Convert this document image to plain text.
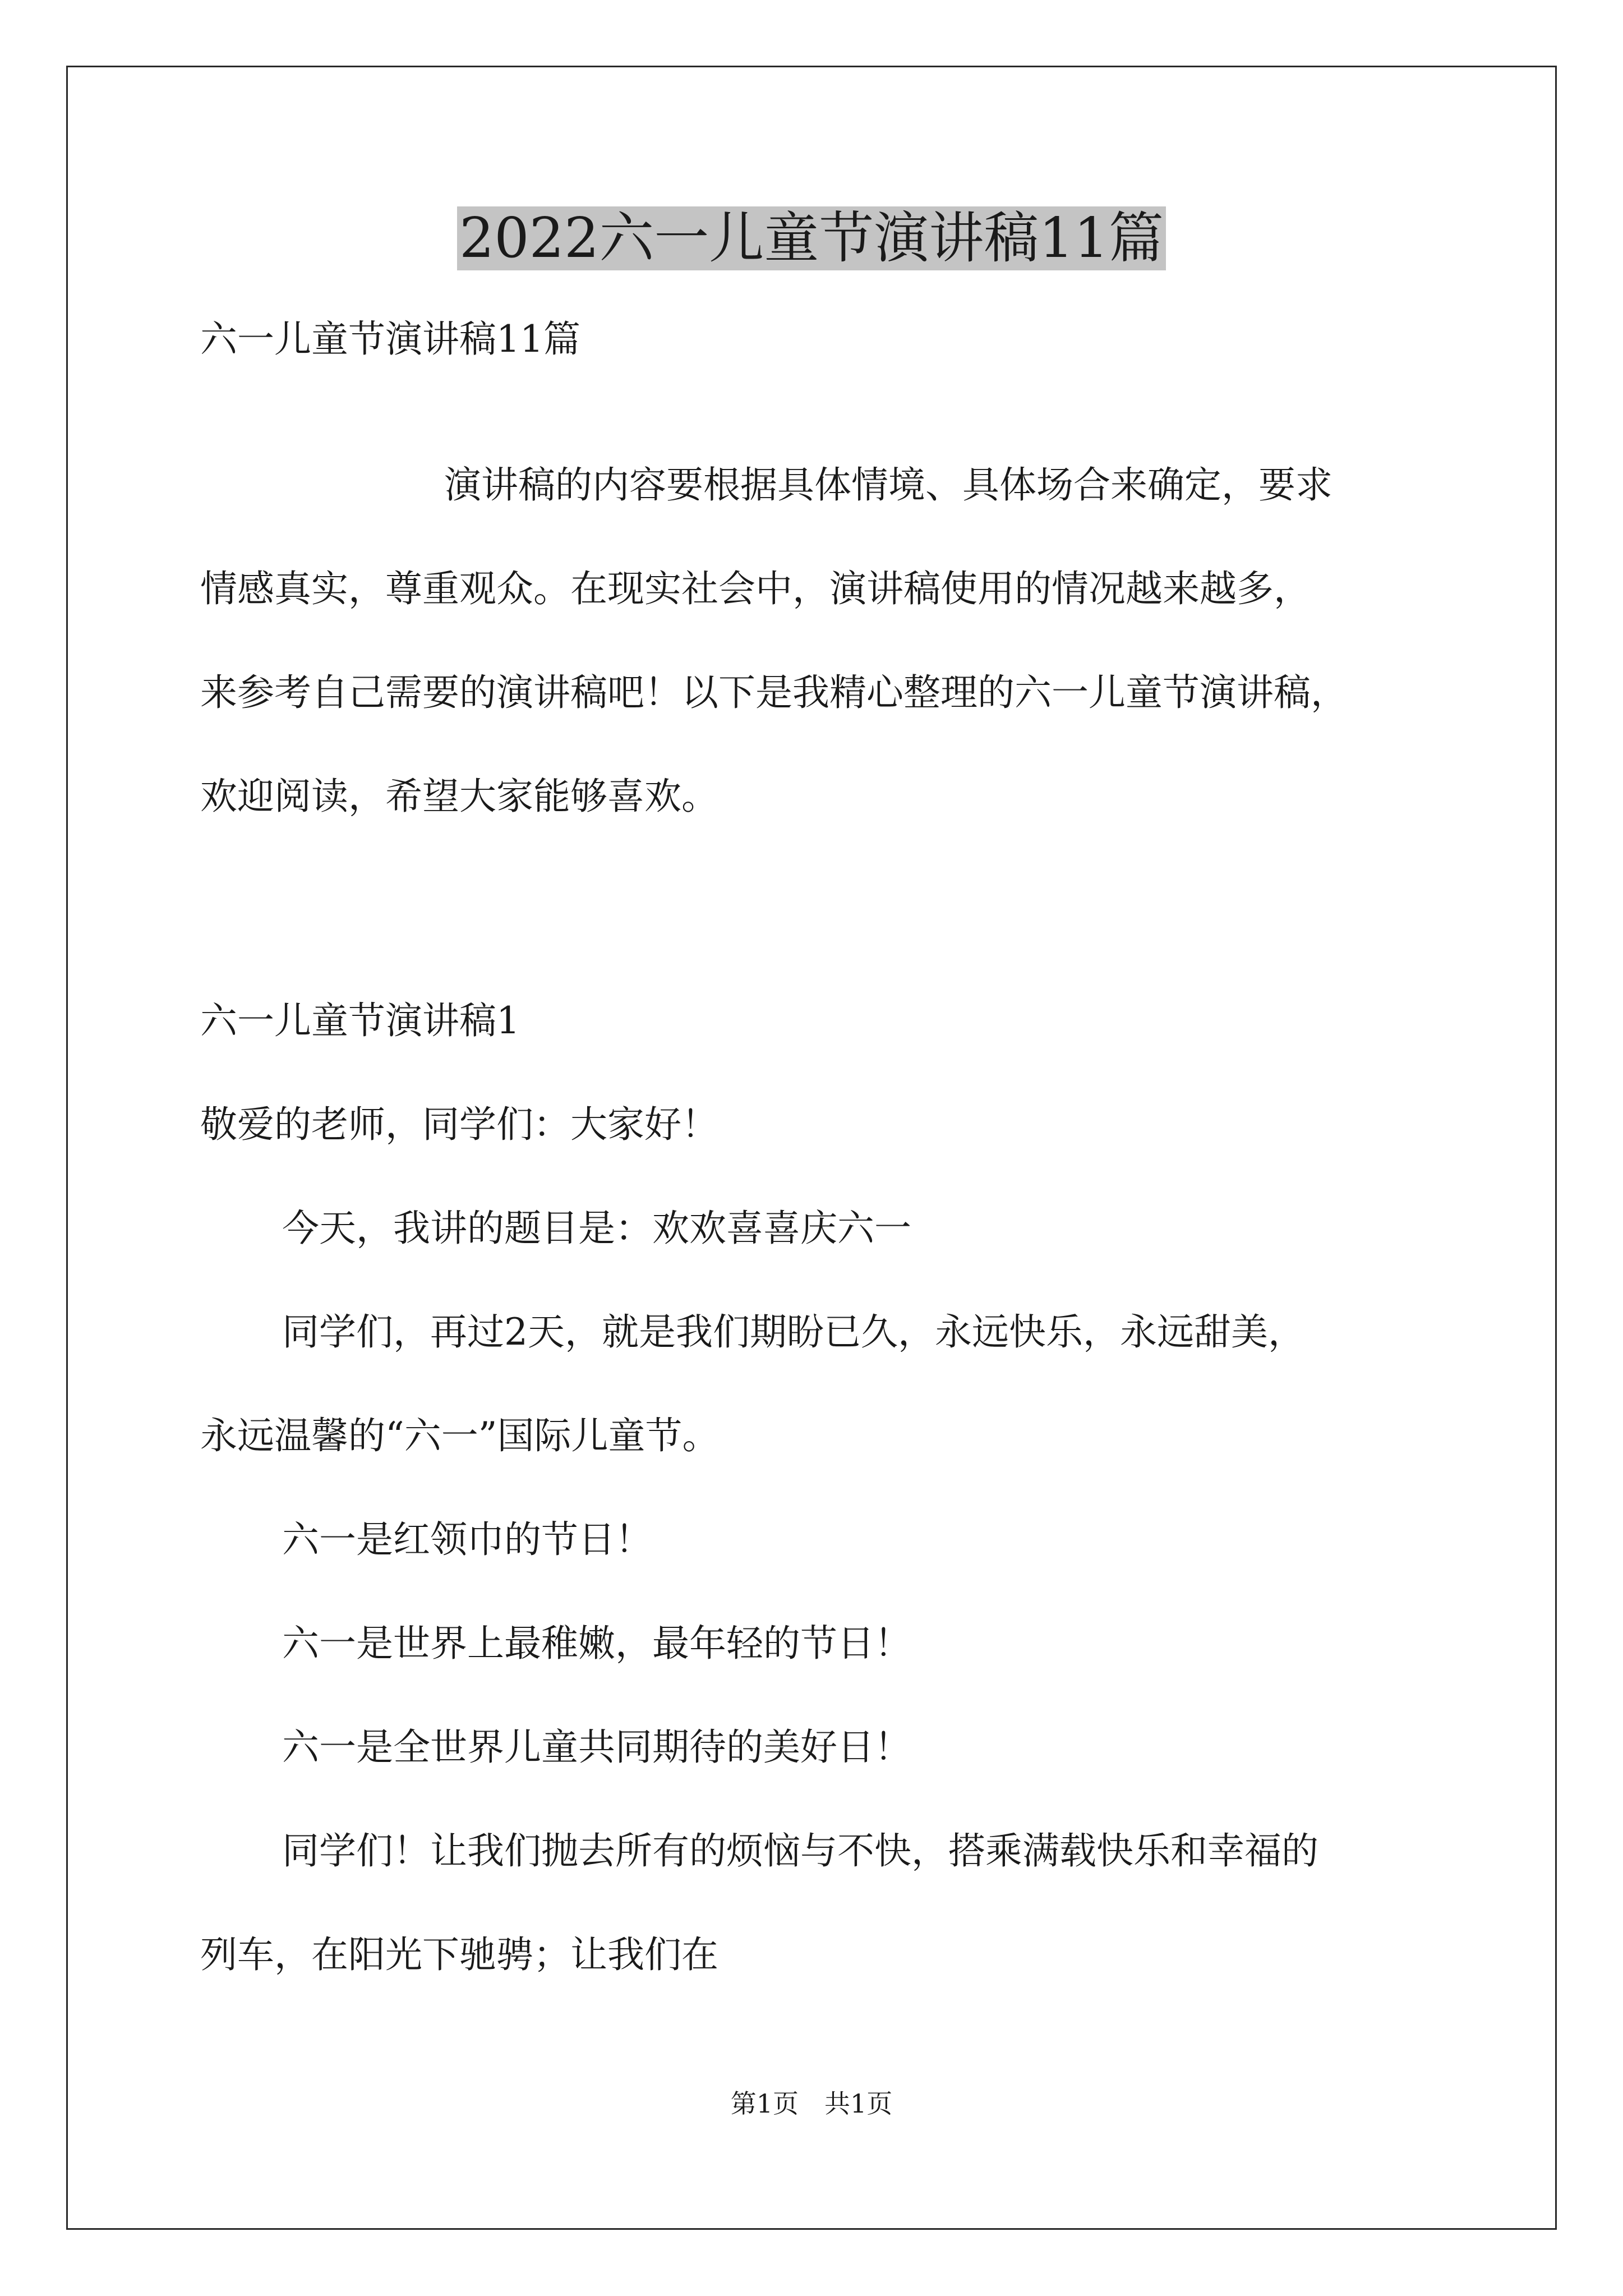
2022六一儿童节演讲稿11篇

六一儿童节演讲稿11篇

演讲稿的内容要根据具体情境、具体场合来确定，要求

情感真实，尊重观众。在现实社会中，演讲稿使用的情况越来越多，

来参考自己需要的演讲稿吧！以下是我精心整理的六一儿童节演讲稿，

欢迎阅读，希望大家能够喜欢。

六一儿童节演讲稿1

敬爱的老师，同学们：大家好！

今天，我讲的题目是：欢欢喜喜庆六一

同学们，再过2天，就是我们期盼已久，永远快乐，永远甜美，

永远温馨的“六一”国际儿童节。

六一是红领巾的节日！

六一是世界上最稚嫩，最年轻的节日！

六一是全世界儿童共同期待的美好日！

同学们！让我们抛去所有的烦恼与不快，搭乘满载快乐和幸福的

列车，在阳光下驰骋；让我们在

第1页　共1页
